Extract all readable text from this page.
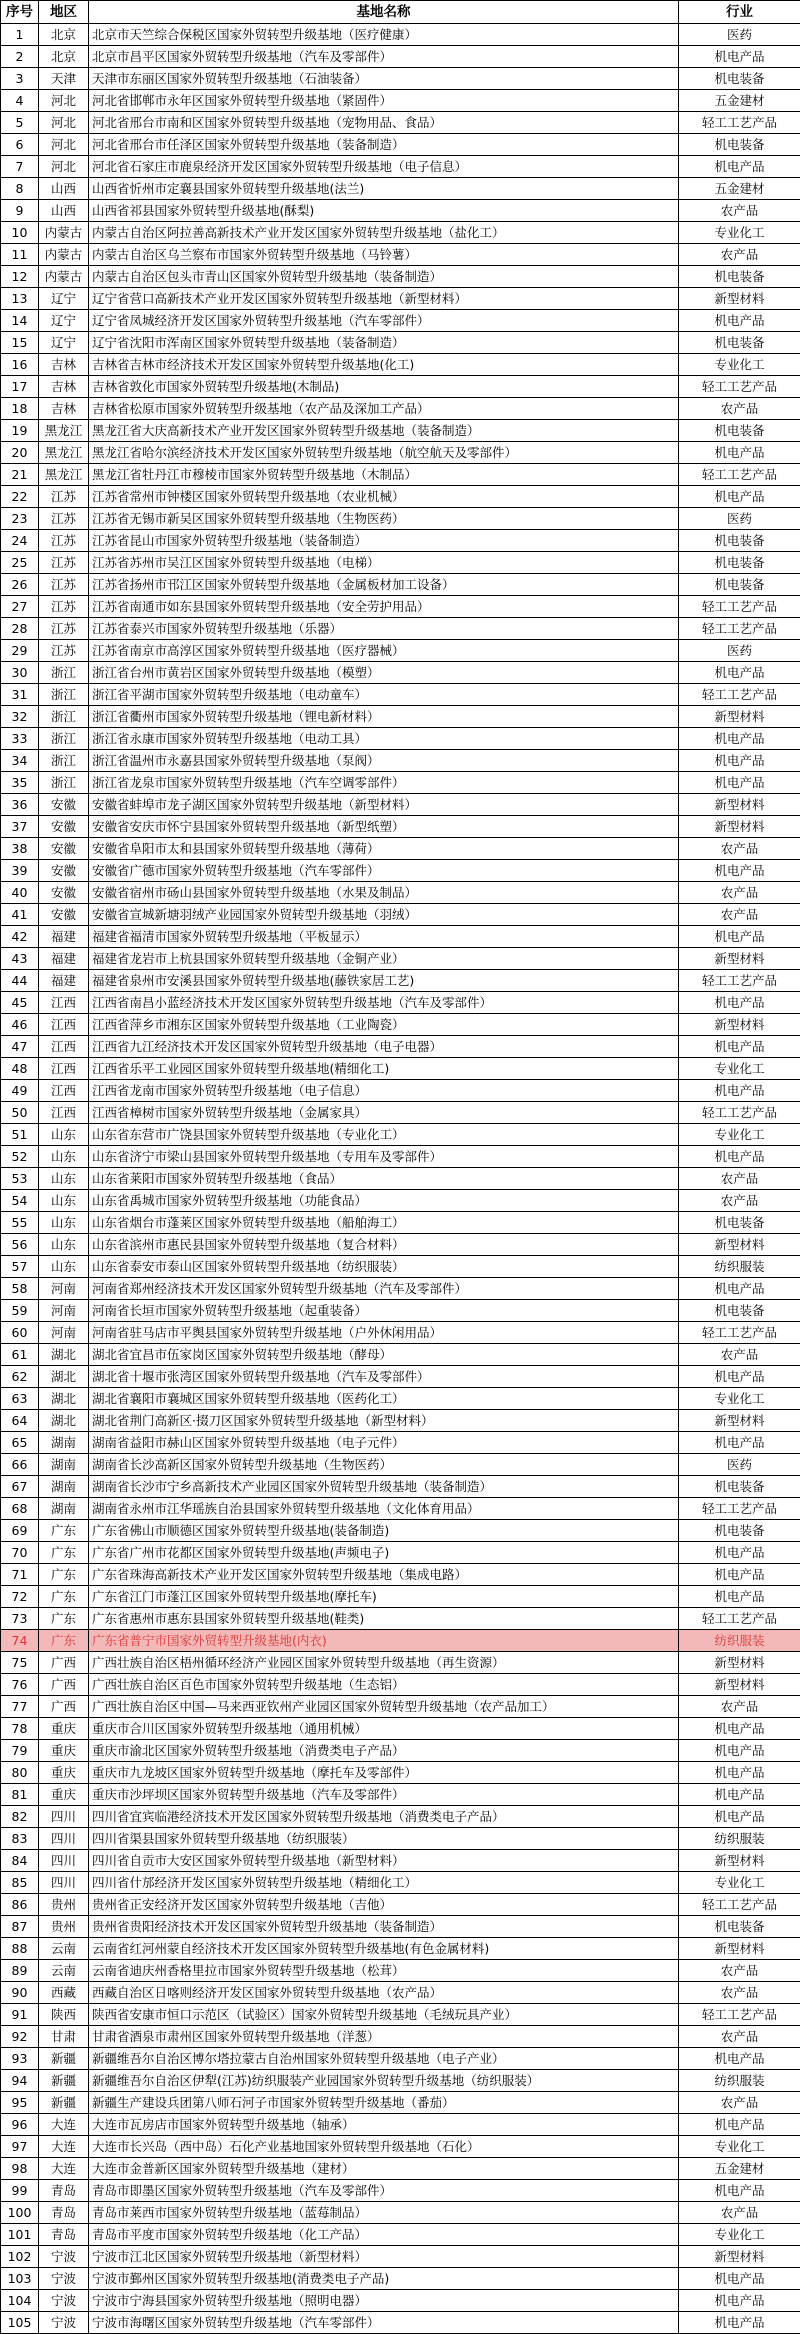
序号	地区	基地名称	行业
1	北京	北京市天竺综合保税区国家外贸转型升级基地（医疗健康）	医药
2	北京	北京市昌平区国家外贸转型升级基地（汽车及零部件）	机电产品
3	天津	天津市东丽区国家外贸转型升级基地（石油装备）	机电装备
4	河北	河北省邯郸市永年区国家外贸转型升级基地（紧固件）	五金建材
5	河北	河北省邢台市南和区国家外贸转型升级基地（宠物用品、食品）	轻工工艺产品
6	河北	河北省邢台市任泽区国家外贸转型升级基地（装备制造）	机电装备
7	河北	河北省石家庄市鹿泉经济开发区国家外贸转型升级基地（电子信息）	机电产品
8	山西	山西省忻州市定襄县国家外贸转型升级基地(法兰)	五金建材
9	山西	山西省祁县国家外贸转型升级基地(酥梨)	农产品
10	内蒙古	内蒙古自治区阿拉善高新技术产业开发区国家外贸转型升级基地（盐化工）	专业化工
11	内蒙古	内蒙古自治区乌兰察布市国家外贸转型升级基地（马铃薯）	农产品
12	内蒙古	内蒙古自治区包头市青山区国家外贸转型升级基地（装备制造）	机电装备
13	辽宁	辽宁省营口高新技术产业开发区国家外贸转型升级基地（新型材料）	新型材料
14	辽宁	辽宁省凤城经济开发区国家外贸转型升级基地（汽车零部件）	机电产品
15	辽宁	辽宁省沈阳市浑南区国家外贸转型升级基地（装备制造）	机电装备
16	吉林	吉林省吉林市经济技术开发区国家外贸转型升级基地(化工)	专业化工
17	吉林	吉林省敦化市国家外贸转型升级基地(木制品)	轻工工艺产品
18	吉林	吉林省松原市国家外贸转型升级基地（农产品及深加工产品）	农产品
19	黑龙江	黑龙江省大庆高新技术产业开发区国家外贸转型升级基地（装备制造）	机电装备
20	黑龙江	黑龙江省哈尔滨经济技术开发区国家外贸转型升级基地（航空航天及零部件）	机电产品
21	黑龙江	黑龙江省牡丹江市穆棱市国家外贸转型升级基地（木制品）	轻工工艺产品
22	江苏	江苏省常州市钟楼区国家外贸转型升级基地（农业机械）	机电产品
23	江苏	江苏省无锡市新吴区国家外贸转型升级基地（生物医药）	医药
24	江苏	江苏省昆山市国家外贸转型升级基地（装备制造）	机电装备
25	江苏	江苏省苏州市吴江区国家外贸转型升级基地（电梯）	机电装备
26	江苏	江苏省扬州市邗江区国家外贸转型升级基地（金属板材加工设备）	机电装备
27	江苏	江苏省南通市如东县国家外贸转型升级基地（安全劳护用品）	轻工工艺产品
28	江苏	江苏省泰兴市国家外贸转型升级基地（乐器）	轻工工艺产品
29	江苏	江苏省南京市高淳区国家外贸转型升级基地（医疗器械）	医药
30	浙江	浙江省台州市黄岩区国家外贸转型升级基地（模塑）	机电产品
31	浙江	浙江省平湖市国家外贸转型升级基地（电动童车）	轻工工艺产品
32	浙江	浙江省衢州市国家外贸转型升级基地（锂电新材料）	新型材料
33	浙江	浙江省永康市国家外贸转型升级基地（电动工具）	机电产品
34	浙江	浙江省温州市永嘉县国家外贸转型升级基地（泵阀）	机电产品
35	浙江	浙江省龙泉市国家外贸转型升级基地（汽车空调零部件）	机电产品
36	安徽	安徽省蚌埠市龙子湖区国家外贸转型升级基地（新型材料）	新型材料
37	安徽	安徽省安庆市怀宁县国家外贸转型升级基地（新型纸塑）	新型材料
38	安徽	安徽省阜阳市太和县国家外贸转型升级基地（薄荷）	农产品
39	安徽	安徽省广德市国家外贸转型升级基地（汽车零部件）	机电产品
40	安徽	安徽省宿州市砀山县国家外贸转型升级基地（水果及制品）	农产品
41	安徽	安徽省宣城新塘羽绒产业园国家外贸转型升级基地（羽绒）	农产品
42	福建	福建省福清市国家外贸转型升级基地（平板显示）	机电产品
43	福建	福建省龙岩市上杭县国家外贸转型升级基地（金铜产业）	新型材料
44	福建	福建省泉州市安溪县国家外贸转型升级基地(藤铁家居工艺)	轻工工艺产品
45	江西	江西省南昌小蓝经济技术开发区国家外贸转型升级基地（汽车及零部件）	机电产品
46	江西	江西省萍乡市湘东区国家外贸转型升级基地（工业陶瓷）	新型材料
47	江西	江西省九江经济技术开发区国家外贸转型升级基地（电子电器）	机电产品
48	江西	江西省乐平工业园区国家外贸转型升级基地(精细化工)	专业化工
49	江西	江西省龙南市国家外贸转型升级基地（电子信息）	机电产品
50	江西	江西省樟树市国家外贸转型升级基地（金属家具）	轻工工艺产品
51	山东	山东省东营市广饶县国家外贸转型升级基地（专业化工）	专业化工
52	山东	山东省济宁市梁山县国家外贸转型升级基地（专用车及零部件）	机电产品
53	山东	山东省莱阳市国家外贸转型升级基地（食品）	农产品
54	山东	山东省禹城市国家外贸转型升级基地（功能食品）	农产品
55	山东	山东省烟台市蓬莱区国家外贸转型升级基地（船舶海工）	机电装备
56	山东	山东省滨州市惠民县国家外贸转型升级基地（复合材料）	新型材料
57	山东	山东省泰安市泰山区国家外贸转型升级基地（纺织服装）	纺织服装
58	河南	河南省郑州经济技术开发区国家外贸转型升级基地（汽车及零部件）	机电产品
59	河南	河南省长垣市国家外贸转型升级基地（起重装备）	机电装备
60	河南	河南省驻马店市平舆县国家外贸转型升级基地（户外休闲用品）	轻工工艺产品
61	湖北	湖北省宜昌市伍家岗区国家外贸转型升级基地（酵母）	农产品
62	湖北	湖北省十堰市张湾区国家外贸转型升级基地（汽车及零部件）	机电产品
63	湖北	湖北省襄阳市襄城区国家外贸转型升级基地（医药化工）	专业化工
64	湖北	湖北省荆门高新区·掇刀区国家外贸转型升级基地（新型材料）	新型材料
65	湖南	湖南省益阳市赫山区国家外贸转型升级基地（电子元件）	机电产品
66	湖南	湖南省长沙高新区国家外贸转型升级基地（生物医药）	医药
67	湖南	湖南省长沙市宁乡高新技术产业园区国家外贸转型升级基地（装备制造）	机电装备
68	湖南	湖南省永州市江华瑶族自治县国家外贸转型升级基地（文化体育用品）	轻工工艺产品
69	广东	广东省佛山市顺德区国家外贸转型升级基地(装备制造)	机电装备
70	广东	广东省广州市花都区国家外贸转型升级基地(声频电子)	机电产品
71	广东	广东省珠海高新技术产业开发区国家外贸转型升级基地（集成电路）	机电产品
72	广东	广东省江门市蓬江区国家外贸转型升级基地(摩托车)	机电产品
73	广东	广东省惠州市惠东县国家外贸转型升级基地(鞋类)	轻工工艺产品
74	广东	广东省普宁市国家外贸转型升级基地(内衣)	纺织服装
75	广西	广西壮族自治区梧州循环经济产业园区国家外贸转型升级基地（再生资源）	新型材料
76	广西	广西壮族自治区百色市国家外贸转型升级基地（生态铝）	新型材料
77	广西	广西壮族自治区中国—马来西亚钦州产业园区国家外贸转型升级基地（农产品加工）	农产品
78	重庆	重庆市合川区国家外贸转型升级基地（通用机械）	机电产品
79	重庆	重庆市渝北区国家外贸转型升级基地（消费类电子产品）	机电产品
80	重庆	重庆市九龙坡区国家外贸转型升级基地（摩托车及零部件）	机电产品
81	重庆	重庆市沙坪坝区国家外贸转型升级基地（汽车及零部件）	机电产品
82	四川	四川省宜宾临港经济技术开发区国家外贸转型升级基地（消费类电子产品）	机电产品
83	四川	四川省渠县国家外贸转型升级基地（纺织服装）	纺织服装
84	四川	四川省自贡市大安区国家外贸转型升级基地（新型材料）	新型材料
85	四川	四川省什邡经济开发区国家外贸转型升级基地（精细化工）	专业化工
86	贵州	贵州省正安经济开发区国家外贸转型升级基地（吉他）	轻工工艺产品
87	贵州	贵州省贵阳经济技术开发区国家外贸转型升级基地（装备制造）	机电装备
88	云南	云南省红河州蒙自经济技术开发区国家外贸转型升级基地(有色金属材料)	新型材料
89	云南	云南省迪庆州香格里拉市国家外贸转型升级基地（松茸）	农产品
90	西藏	西藏自治区日喀则经济开发区国家外贸转型升级基地（农产品）	农产品
91	陕西	陕西省安康市恒口示范区（试验区）国家外贸转型升级基地（毛绒玩具产业）	轻工工艺产品
92	甘肃	甘肃省酒泉市肃州区国家外贸转型升级基地（洋葱）	农产品
93	新疆	新疆维吾尔自治区博尔塔拉蒙古自治州国家外贸转型升级基地（电子产业）	机电产品
94	新疆	新疆维吾尔自治区伊犁(江苏)纺织服装产业园国家外贸转型升级基地（纺织服装）	纺织服装
95	新疆	新疆生产建设兵团第八师石河子市国家外贸转型升级基地（番茄）	农产品
96	大连	大连市瓦房店市国家外贸转型升级基地（轴承）	机电产品
97	大连	大连市长兴岛（西中岛）石化产业基地国家外贸转型升级基地（石化）	专业化工
98	大连	大连市金普新区国家外贸转型升级基地（建材）	五金建材
99	青岛	青岛市即墨区国家外贸转型升级基地（汽车及零部件）	机电产品
100	青岛	青岛市莱西市国家外贸转型升级基地（蓝莓制品）	农产品
101	青岛	青岛市平度市国家外贸转型升级基地（化工产品）	专业化工
102	宁波	宁波市江北区国家外贸转型升级基地（新型材料）	新型材料
103	宁波	宁波市鄞州区国家外贸转型升级基地(消费类电子产品)	机电产品
104	宁波	宁波市宁海县国家外贸转型升级基地（照明电器）	机电产品
105	宁波	宁波市海曙区国家外贸转型升级基地（汽车零部件）	机电产品
